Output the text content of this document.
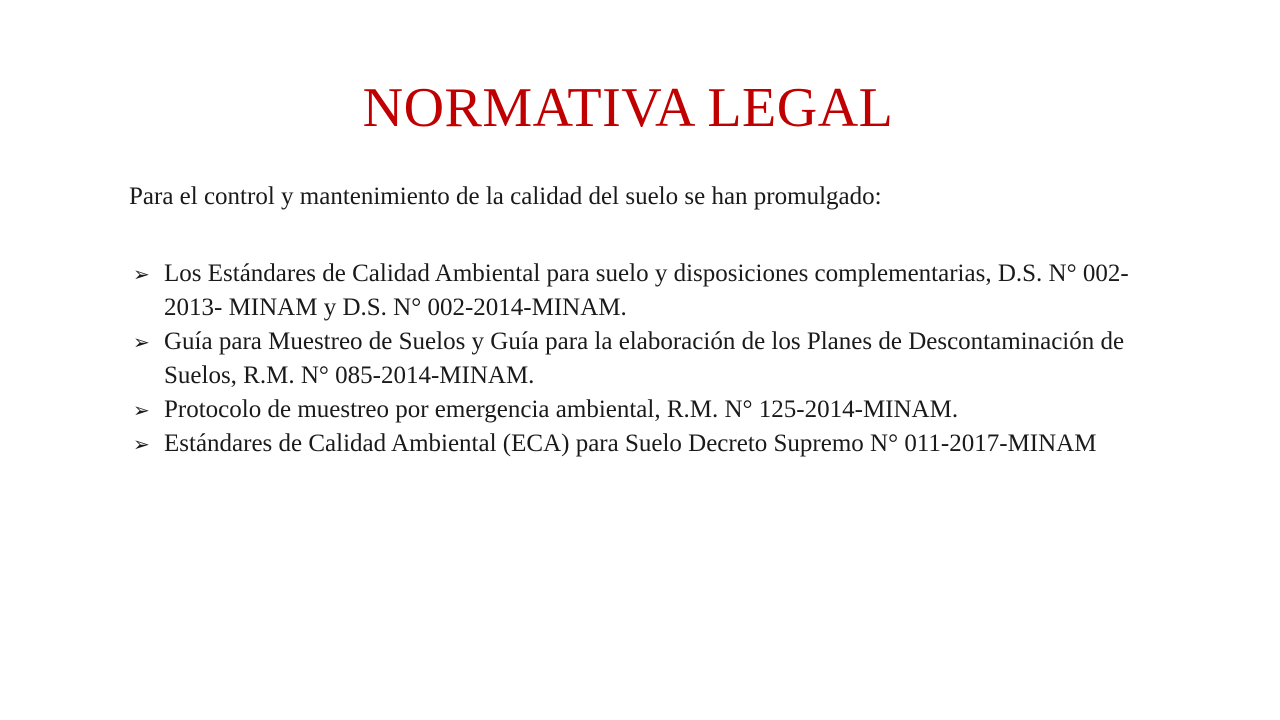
NORMATIVA LEGAL

Para el control y mantenimiento de la calidad del suelo se han promulgado:

➢ Los Estándares de Calidad Ambiental para suelo y disposiciones complementarias, D.S. N° 002-2013- MINAM y D.S. N° 002-2014-MINAM.
➢ Guía para Muestreo de Suelos y Guía para la elaboración de los Planes de Descontaminación de Suelos, R.M. N° 085-2014-MINAM.
➢ Protocolo de muestreo por emergencia ambiental, R.M. N° 125-2014-MINAM.
➢ Estándares de Calidad Ambiental (ECA) para Suelo Decreto Supremo N° 011-2017-MINAM
